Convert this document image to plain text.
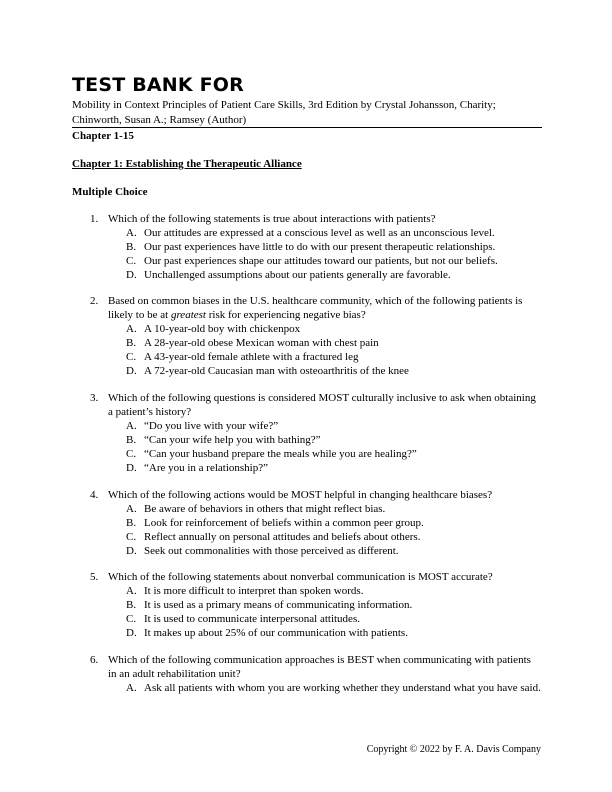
TEST BANK FOR
Mobility in Context Principles of Patient Care Skills, 3rd Edition by Crystal Johansson, Charity; Chinworth, Susan A.; Ramsey (Author)
Chapter 1-15
Chapter 1: Establishing the Therapeutic Alliance
Multiple Choice
1. Which of the following statements is true about interactions with patients?
A. Our attitudes are expressed at a conscious level as well as an unconscious level.
B. Our past experiences have little to do with our present therapeutic relationships.
C. Our past experiences shape our attitudes toward our patients, but not our beliefs.
D. Unchallenged assumptions about our patients generally are favorable.
2. Based on common biases in the U.S. healthcare community, which of the following patients is likely to be at greatest risk for experiencing negative bias?
A. A 10-year-old boy with chickenpox
B. A 28-year-old obese Mexican woman with chest pain
C. A 43-year-old female athlete with a fractured leg
D. A 72-year-old Caucasian man with osteoarthritis of the knee
3. Which of the following questions is considered MOST culturally inclusive to ask when obtaining a patient’s history?
A. “Do you live with your wife?”
B. “Can your wife help you with bathing?”
C. “Can your husband prepare the meals while you are healing?”
D. “Are you in a relationship?”
4. Which of the following actions would be MOST helpful in changing healthcare biases?
A. Be aware of behaviors in others that might reflect bias.
B. Look for reinforcement of beliefs within a common peer group.
C. Reflect annually on personal attitudes and beliefs about others.
D. Seek out commonalities with those perceived as different.
5. Which of the following statements about nonverbal communication is MOST accurate?
A. It is more difficult to interpret than spoken words.
B. It is used as a primary means of communicating information.
C. It is used to communicate interpersonal attitudes.
D. It makes up about 25% of our communication with patients.
6. Which of the following communication approaches is BEST when communicating with patients in an adult rehabilitation unit?
A. Ask all patients with whom you are working whether they understand what you have said.
Copyright © 2022 by F. A. Davis Company
